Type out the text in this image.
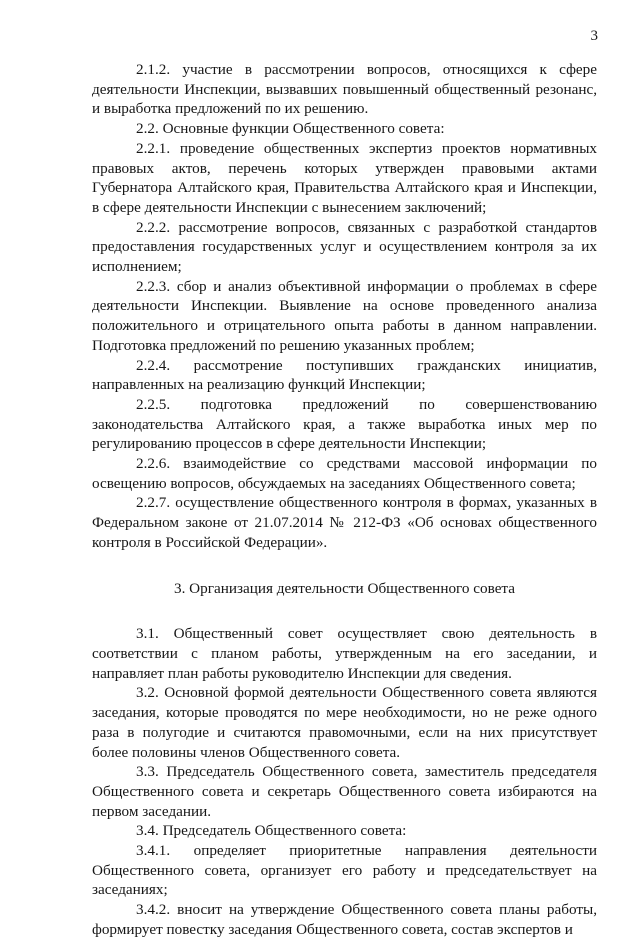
3

2.1.2. участие в рассмотрении вопросов, относящихся к сфере деятельности Инспекции, вызвавших повышенный общественный резонанс, и выработка предложений по их решению.

2.2. Основные функции Общественного совета:

2.2.1. проведение общественных экспертиз проектов нормативных правовых актов, перечень которых утвержден правовыми актами Губернатора Алтайского края, Правительства Алтайского края и Инспекции, в сфере деятельности Инспекции с вынесением заключений;

2.2.2. рассмотрение вопросов, связанных с разработкой стандартов предоставления государственных услуг и осуществлением контроля за их исполнением;

2.2.3. сбор и анализ объективной информации о проблемах в сфере деятельности Инспекции. Выявление на основе проведенного анализа положительного и отрицательного опыта работы в данном направлении. Подготовка предложений по решению указанных проблем;

2.2.4. рассмотрение поступивших гражданских инициатив, направленных на реализацию функций Инспекции;

2.2.5. подготовка предложений по совершенствованию законодательства Алтайского края, а также выработка иных мер по регулированию процессов в сфере деятельности Инспекции;

2.2.6. взаимодействие со средствами массовой информации по освещению вопросов, обсуждаемых на заседаниях Общественного совета;

2.2.7. осуществление общественного контроля в формах, указанных в Федеральном законе от 21.07.2014 № 212-ФЗ «Об основах общественного контроля в Российской Федерации».

3. Организация деятельности Общественного совета

3.1. Общественный совет осуществляет свою деятельность в соответствии с планом работы, утвержденным на его заседании, и направляет план работы руководителю Инспекции для сведения.

3.2. Основной формой деятельности Общественного совета являются заседания, которые проводятся по мере необходимости, но не реже одного раза в полугодие и считаются правомочными, если на них присутствует более половины членов Общественного совета.

3.3. Председатель Общественного совета, заместитель председателя Общественного совета и секретарь Общественного совета избираются на первом заседании.

3.4. Председатель Общественного совета:

3.4.1. определяет приоритетные направления деятельности Общественного совета, организует его работу и председательствует на заседаниях;

3.4.2. вносит на утверждение Общественного совета планы работы, формирует повестку заседания Общественного совета, состав экспертов и
